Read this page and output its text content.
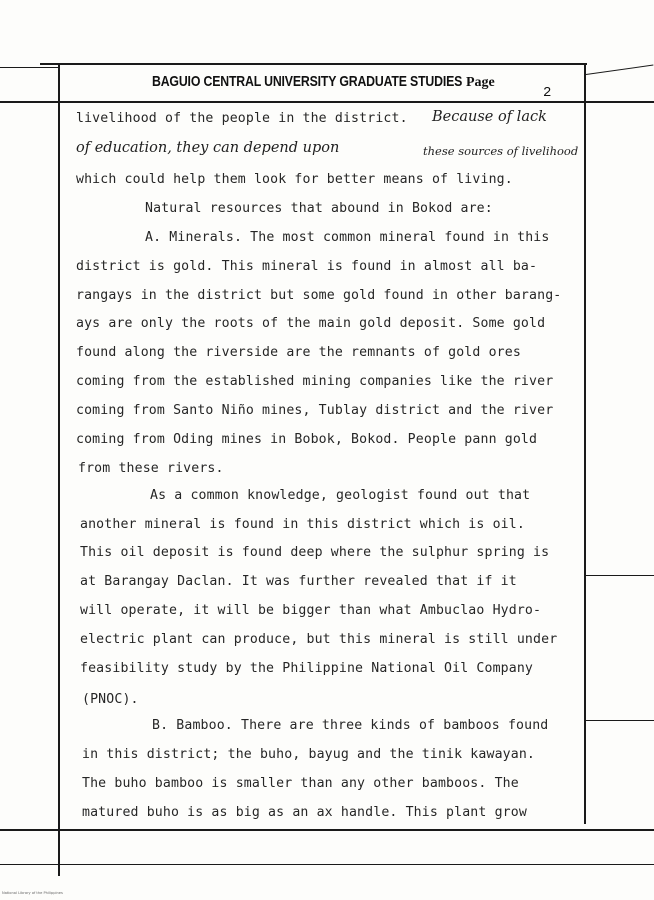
BAGUIO CENTRAL UNIVERSITY GRADUATE STUDIES Page
2
livelihood of the people in the district. Because of lack
of education, they can depend upon	these sources of livelihood
which could help them look for better means of living.
Natural resources that abound in Bokod are:
A. Minerals. The most common mineral found in this
district is gold. This mineral is found in almost all ba-
rangays in the district but some gold found in other barang-
ays are only the roots of the main gold deposit. Some gold
found along the riverside are the remnants of gold ores
coming from the established mining companies like the river
coming from Santo Niño mines, Tublay district and the river
coming from Oding mines in Bobok, Bokod. People pann gold
from these rivers.
As a common knowledge, geologist found out that
another mineral is found in this district which is oil.
This oil deposit is found deep where the sulphur spring is
at Barangay Daclan. It was further revealed that if it
will operate, it will be bigger than what Ambuclao Hydro-
electric plant can produce, but this mineral is still under
feasibility study by the Philippine National Oil Company
(PNOC).
B. Bamboo. There are three kinds of bamboos found
in this district; the buho, bayug and the tinik kawayan.
The buho bamboo is smaller than any other bamboos. The
matured buho is as big as an ax handle. This plant grow
National Library of the Philippines
